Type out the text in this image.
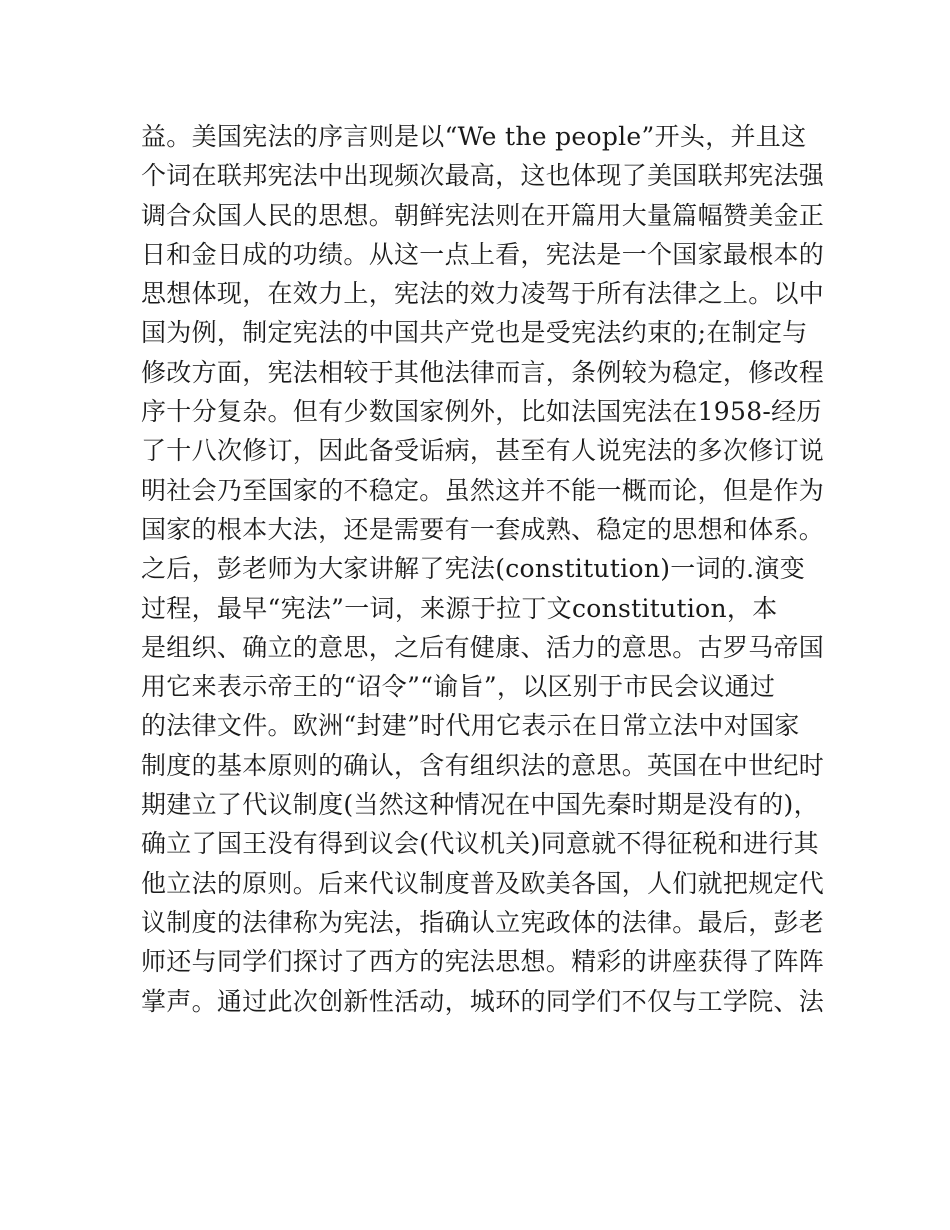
益。美国宪法的序言则是以“We the people”开头，并且这
个词在联邦宪法中出现频次最高，这也体现了美国联邦宪法强
调合众国人民的思想。朝鲜宪法则在开篇用大量篇幅赞美金正
日和金日成的功绩。从这一点上看，宪法是一个国家最根本的
思想体现，在效力上，宪法的效力凌驾于所有法律之上。以中
国为例，制定宪法的中国共产党也是受宪法约束的;在制定与
修改方面，宪法相较于其他法律而言，条例较为稳定，修改程
序十分复杂。但有少数国家例外，比如法国宪法在1958-经历
了十八次修订，因此备受诟病，甚至有人说宪法的多次修订说
明社会乃至国家的不稳定。虽然这并不能一概而论，但是作为
国家的根本大法，还是需要有一套成熟、稳定的思想和体系。
之后，彭老师为大家讲解了宪法(constitution)一词的.演变
过程，最早“宪法”一词，来源于拉丁文constitution，本
是组织、确立的意思，之后有健康、活力的意思。古罗马帝国
用它来表示帝王的“诏令”“谕旨”，以区别于市民会议通过
的法律文件。欧洲“封建”时代用它表示在日常立法中对国家
制度的基本原则的确认，含有组织法的意思。英国在中世纪时
期建立了代议制度(当然这种情况在中国先秦时期是没有的)，
确立了国王没有得到议会(代议机关)同意就不得征税和进行其
他立法的原则。后来代议制度普及欧美各国，人们就把规定代
议制度的法律称为宪法，指确认立宪政体的法律。最后，彭老
师还与同学们探讨了西方的宪法思想。精彩的讲座获得了阵阵
掌声。通过此次创新性活动，城环的同学们不仅与工学院、法
